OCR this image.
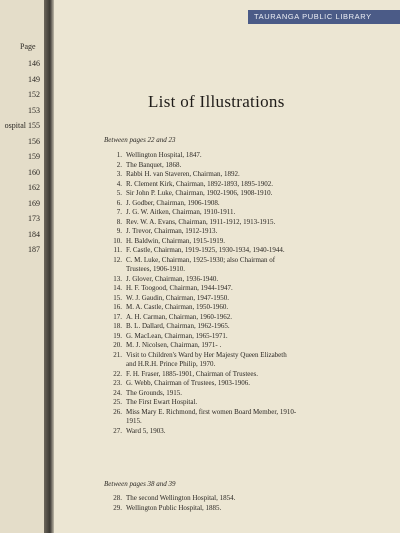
Page
146
149
152
153
ospital 155
156
159
160
162
169
173
184
187
TAURANGA PUBLIC LIBRARY
List of Illustrations
Between pages 22 and 23
1. Wellington Hospital, 1847.
2. The Banquet, 1868.
3. Rabbi H. van Staveren, Chairman, 1892.
4. R. Clement Kirk, Chairman, 1892-1893, 1895-1902.
5. Sir John P. Luke, Chairman, 1902-1906, 1908-1910.
6. J. Godber, Chairman, 1906-1908.
7. J. G. W. Aitken, Chairman, 1910-1911.
8. Rev. W. A. Evans, Chairman, 1911-1912, 1913-1915.
9. J. Trevor, Chairman, 1912-1913.
10. H. Baldwin, Chairman, 1915-1919.
11. F. Castle, Chairman, 1919-1925, 1930-1934, 1940-1944.
12. C. M. Luke, Chairman, 1925-1930; also Chairman of
Trustees, 1906-1910.
13. J. Glover, Chairman, 1936-1940.
14. H. F. Toogood, Chairman, 1944-1947.
15. W. J. Gaudin, Chairman, 1947-1950.
16. M. A. Castle, Chairman, 1950-1960.
17. A. H. Carman, Chairman, 1960-1962.
18. B. L. Dallard, Chairman, 1962-1965.
19. G. MacLean, Chairman, 1965-1971.
20. M. J. Nicolsen, Chairman, 1971- .
21. Visit to Children's Ward by Her Majesty Queen Elizabeth
and H.R.H. Prince Philip, 1970.
22. F. H. Fraser, 1885-1901, Chairman of Trustees.
23. G. Webb, Chairman of Trustees, 1903-1906.
24. The Grounds, 1915.
25. The First Ewart Hospital.
26. Miss Mary E. Richmond, first women Board Member, 1910-
1915.
27. Ward 5, 1903.
Between pages 38 and 39
28. The second Wellington Hospital, 1854.
29. Wellington Public Hospital, 1885.
